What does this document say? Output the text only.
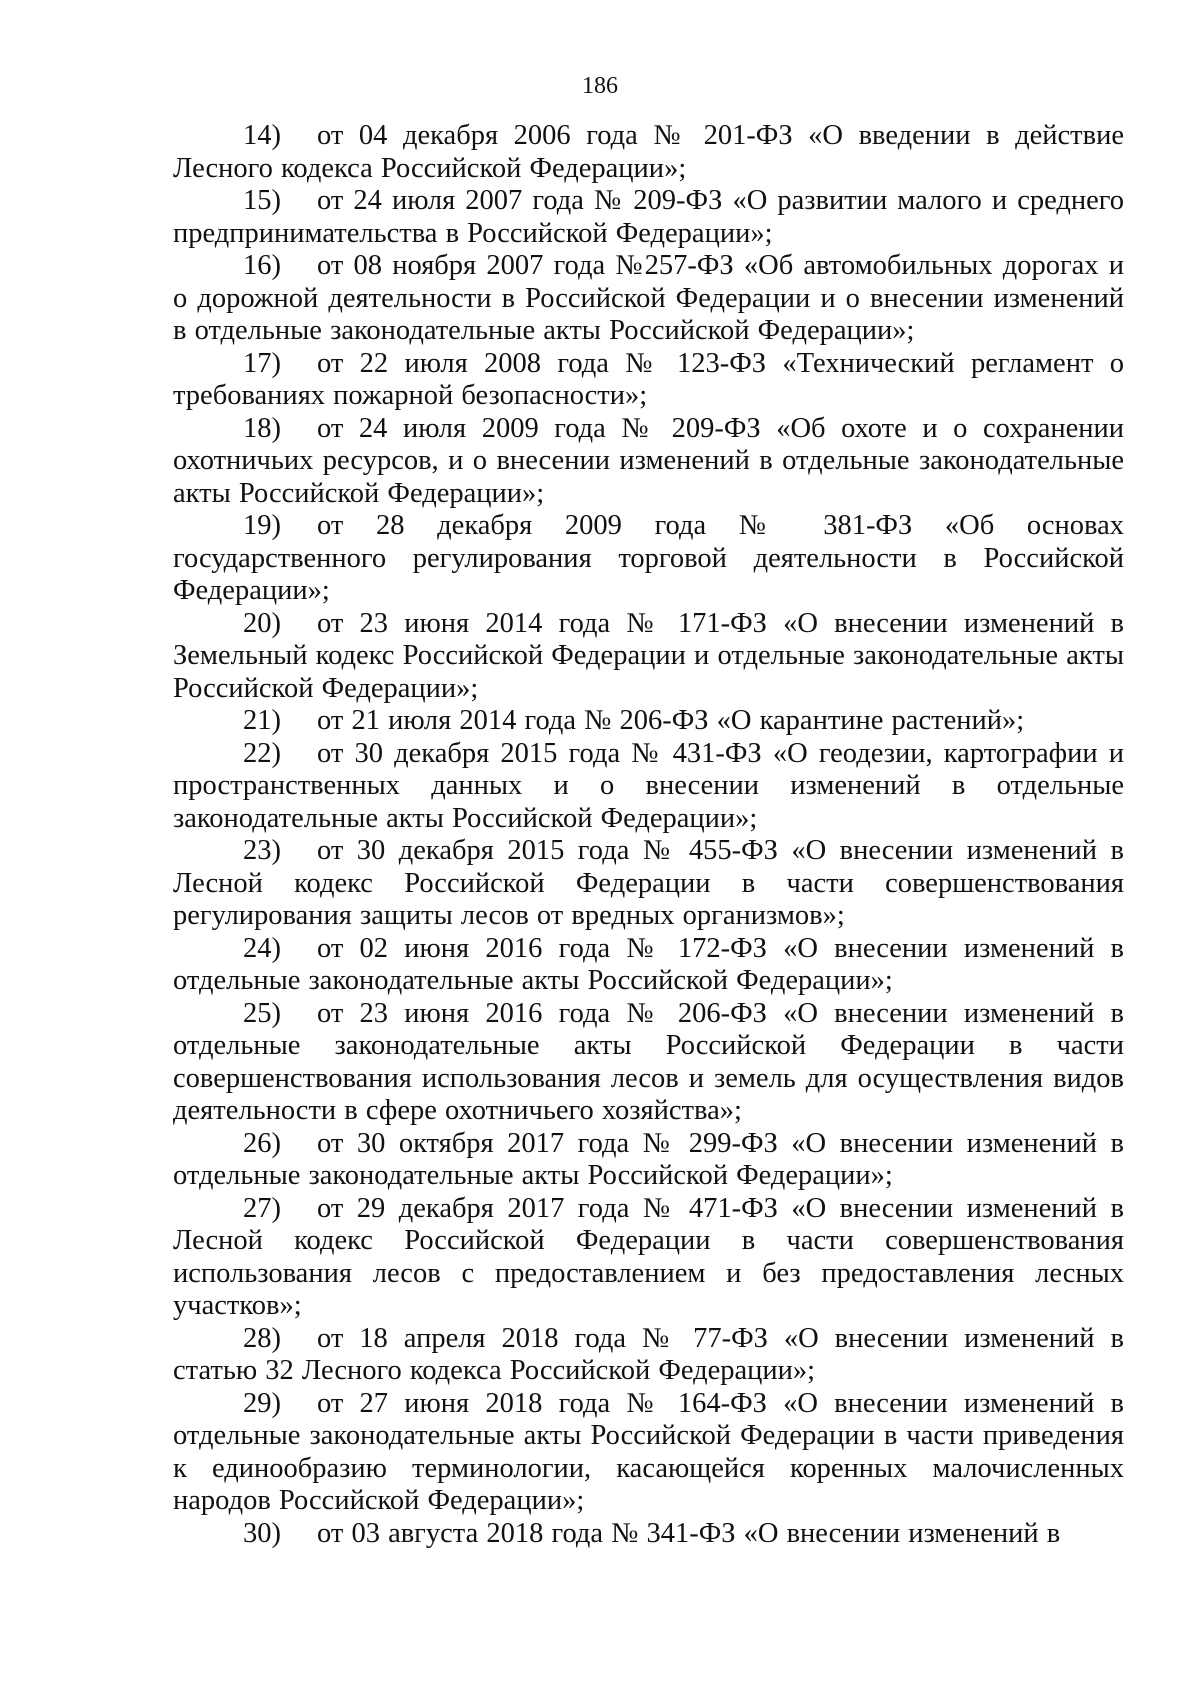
186

14) от 04 декабря 2006 года № 201-ФЗ «О введении в действие Лесного кодекса Российской Федерации»;

15) от 24 июля 2007 года № 209-ФЗ «О развитии малого и среднего предпринимательства в Российской Федерации»;

16) от 08 ноября 2007 года №257-ФЗ «Об автомобильных дорогах и о дорожной деятельности в Российской Федерации и о внесении изменений в отдельные законодательные акты Российской Федерации»;

17) от 22 июля 2008 года № 123-ФЗ «Технический регламент о требованиях пожарной безопасности»;

18) от 24 июля 2009 года № 209-ФЗ «Об охоте и о сохранении охотничьих ресурсов, и о внесении изменений в отдельные законодательные акты Российской Федерации»;

19) от 28 декабря 2009 года № 381-ФЗ «Об основах государственного регулирования торговой деятельности в Российской Федерации»;

20) от 23 июня 2014 года № 171-ФЗ «О внесении изменений в Земельный кодекс Российской Федерации и отдельные законодательные акты Российской Федерации»;

21) от 21 июля 2014 года № 206-ФЗ «О карантине растений»;

22) от 30 декабря 2015 года № 431-ФЗ «О геодезии, картографии и пространственных данных и о внесении изменений в отдельные законодательные акты Российской Федерации»;

23) от 30 декабря 2015 года № 455-ФЗ «О внесении изменений в Лесной кодекс Российской Федерации в части совершенствования регулирования защиты лесов от вредных организмов»;

24) от 02 июня 2016 года № 172-ФЗ «О внесении изменений в отдельные законодательные акты Российской Федерации»;

25) от 23 июня 2016 года № 206-ФЗ «О внесении изменений в отдельные законодательные акты Российской Федерации в части совершенствования использования лесов и земель для осуществления видов деятельности в сфере охотничьего хозяйства»;

26) от 30 октября 2017 года № 299-ФЗ «О внесении изменений в отдельные законодательные акты Российской Федерации»;

27) от 29 декабря 2017 года № 471-ФЗ «О внесении изменений в Лесной кодекс Российской Федерации в части совершенствования использования лесов с предоставлением и без предоставления лесных участков»;

28) от 18 апреля 2018 года № 77-ФЗ «О внесении изменений в статью 32 Лесного кодекса Российской Федерации»;

29) от 27 июня 2018 года № 164-ФЗ «О внесении изменений в отдельные законодательные акты Российской Федерации в части приведения к единообразию терминологии, касающейся коренных малочисленных народов Российской Федерации»;

30) от 03 августа 2018 года № 341-ФЗ «О внесении изменений в
